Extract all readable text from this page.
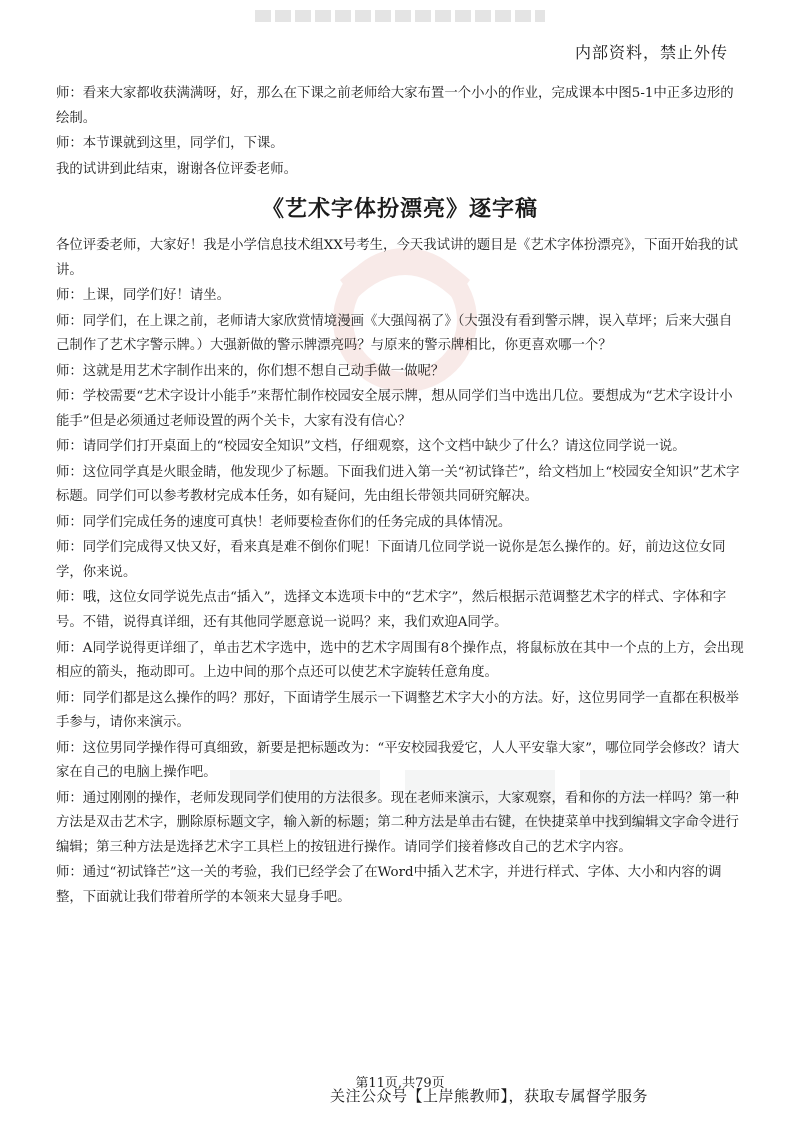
内部资料，禁止外传

师：看来大家都收获满满呀，好，那么在下课之前老师给大家布置一个小小的作业，完成课本中图5-1中正多边形的绘制。

师：本节课就到这里，同学们，下课。

我的试讲到此结束，谢谢各位评委老师。

《艺术字体扮漂亮》逐字稿

各位评委老师，大家好！我是小学信息技术组XX号考生，今天我试讲的题目是《艺术字体扮漂亮》，下面开始我的试讲。

师：上课，同学们好！请坐。

师：同学们，在上课之前，老师请大家欣赏情境漫画《大强闯祸了》（大强没有看到警示牌，误入草坪；后来大强自己制作了艺术字警示牌。）大强新做的警示牌漂亮吗？与原来的警示牌相比，你更喜欢哪一个？

师：这就是用艺术字制作出来的，你们想不想自己动手做一做呢？

师：学校需要“艺术字设计小能手”来帮忙制作校园安全展示牌，想从同学们当中选出几位。要想成为“艺术字设计小能手”但是必须通过老师设置的两个关卡，大家有没有信心？

师：请同学们打开桌面上的“校园安全知识”文档，仔细观察，这个文档中缺少了什么？请这位同学说一说。

师：这位同学真是火眼金睛，他发现少了标题。下面我们进入第一关“初试锋芒”，给文档加上“校园安全知识”艺术字标题。同学们可以参考教材完成本任务，如有疑问，先由组长带领共同研究解决。

师：同学们完成任务的速度可真快！老师要检查你们的任务完成的具体情况。

师：同学们完成得又快又好，看来真是难不倒你们呢！下面请几位同学说一说你是怎么操作的。好，前边这位女同学，你来说。

师：哦，这位女同学说先点击“插入”，选择文本选项卡中的“艺术字”，然后根据示范调整艺术字的样式、字体和字号。不错，说得真详细，还有其他同学愿意说一说吗？来，我们欢迎A同学。

师：A同学说得更详细了，单击艺术字选中，选中的艺术字周围有8个操作点，将鼠标放在其中一个点的上方，会出现相应的箭头，拖动即可。上边中间的那个点还可以使艺术字旋转任意角度。

师：同学们都是这么操作的吗？那好，下面请学生展示一下调整艺术字大小的方法。好，这位男同学一直都在积极举手参与，请你来演示。

师：这位男同学操作得可真细致，新要是把标题改为：“平安校园我爱它，人人平安靠大家”，哪位同学会修改？请大家在自己的电脑上操作吧。

师：通过刚刚的操作，老师发现同学们使用的方法很多。现在老师来演示，大家观察，看和你的方法一样吗？第一种方法是双击艺术字，删除原标题文字，输入新的标题；第二种方法是单击右键，在快捷菜单中找到编辑文字命令进行编辑；第三种方法是选择艺术字工具栏上的按钮进行操作。请同学们接着修改自己的艺术字内容。

师：通过“初试锋芒”这一关的考验，我们已经学会了在Word中插入艺术字，并进行样式、字体、大小和内容的调整，下面就让我们带着所学的本领来大显身手吧。

第11页,共79页
关注公众号【上岸熊教师】，获取专属督学服务
